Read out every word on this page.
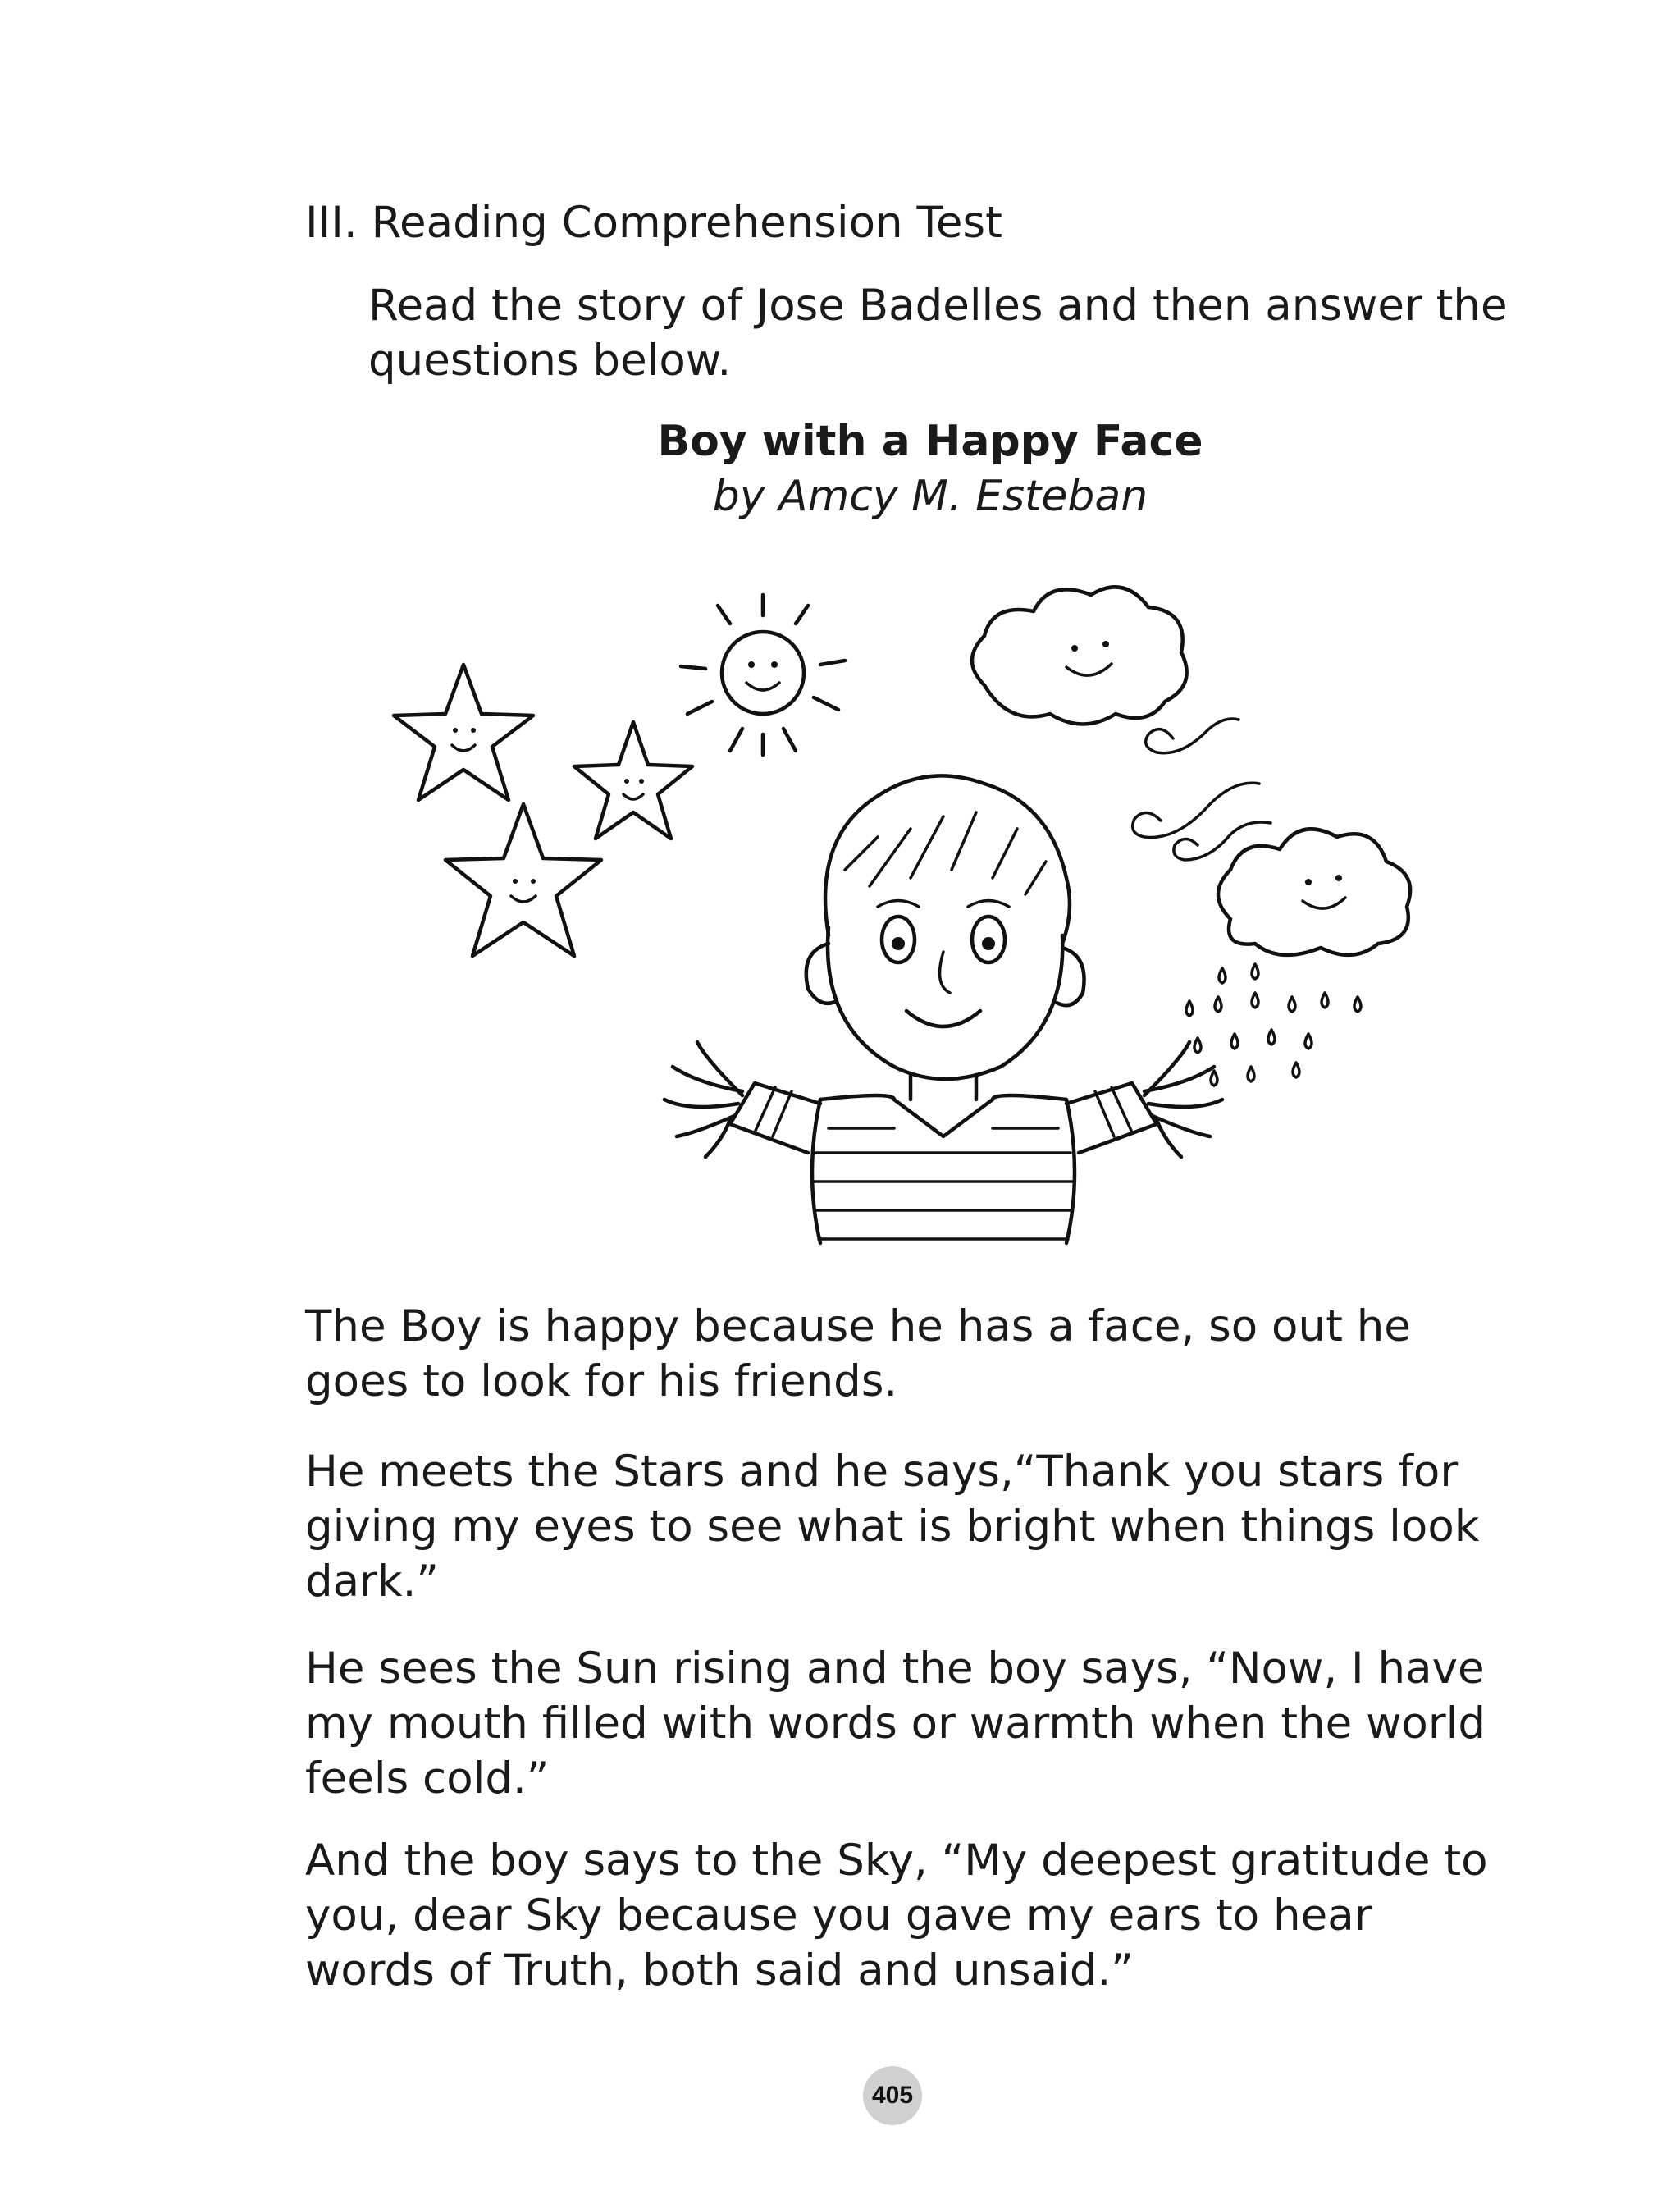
III. Reading Comprehension Test

Read the story of Jose Badelles and then answer the questions below.

Boy with a Happy Face

by Amcy M. Esteban

The Boy is happy because he has a face, so out he goes to look for his friends.

He meets the Stars and he says,“Thank you stars for giving my eyes to see what is bright when things look dark.”

He sees the Sun rising and the boy says, “Now, I have my mouth filled with words or warmth when the world feels cold.”

And the boy says to the Sky, “My deepest gratitude to you, dear Sky because you gave my ears to hear words of Truth, both said and unsaid.”

405
